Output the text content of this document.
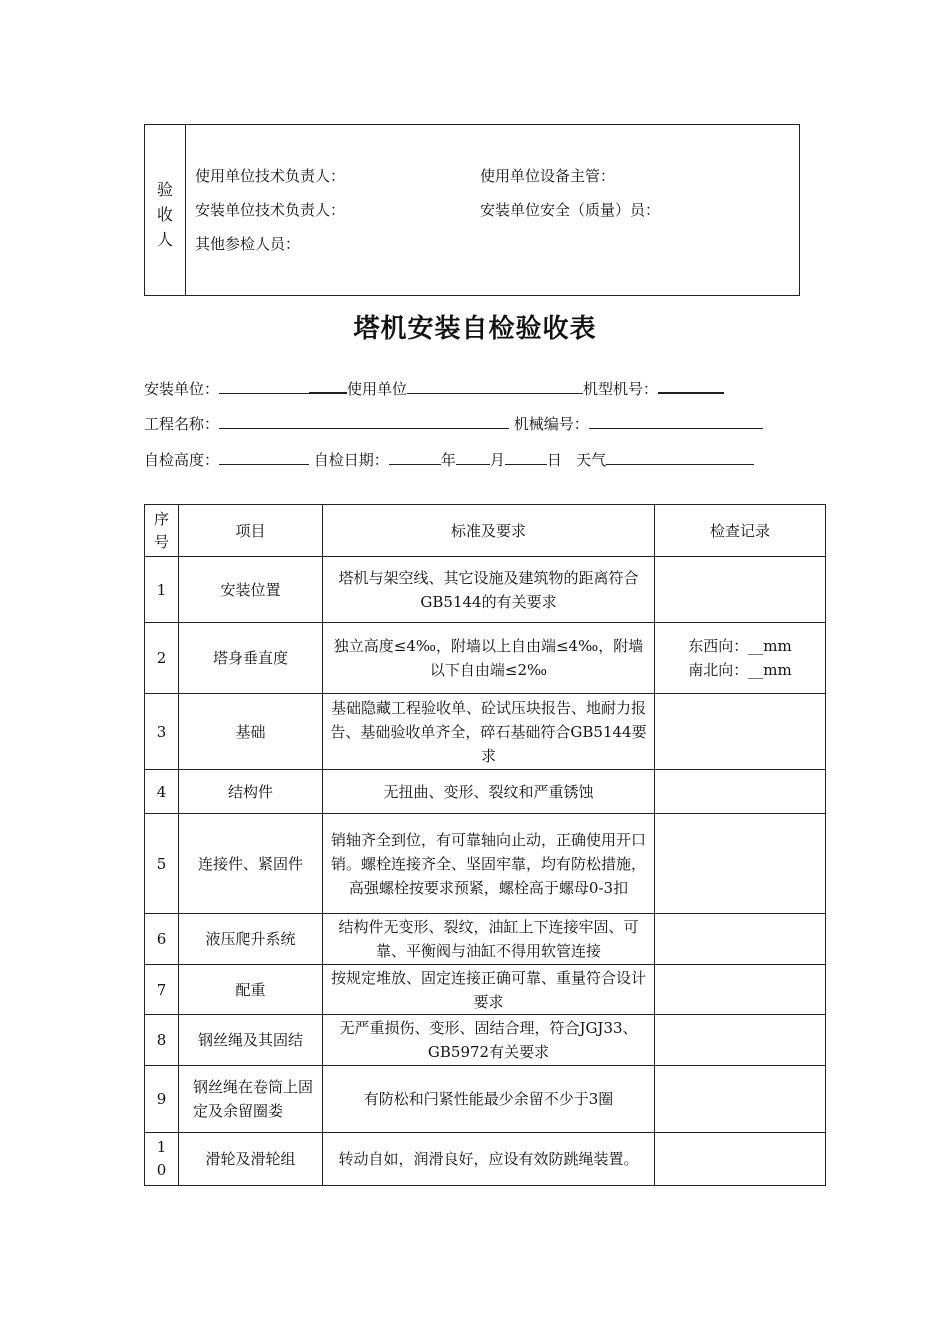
验
收
人
使用单位技术负责人：	使用单位设备主管：
安装单位技术负责人：	安装单位安全（质量）员：
其他参检人员：
塔机安装自检验收表
安装单位：	使用单位	机型机号：
工程名称：	机械编号：
自检高度：	自检日期：	年 月	日 天气
序号	项目	标准及要求	检查记录
1	安装位置	塔机与架空线、其它设施及建筑物的距离符合GB5144的有关要求	
2	塔身垂直度	独立高度≤4‰，附墙以上自由端≤4‰，附墙以下自由端≤2‰	东西向：__mm
南北向：__mm

3	基础	基础隐藏工程验收单、砼试压块报告、地耐力报告、基础验收单齐全，碎石基础符合GB5144要求	
4	结构件	无扭曲、变形、裂纹和严重锈蚀	
5	连接件、紧固件	销轴齐全到位，有可靠轴向止动，正确使用开口销。螺栓连接齐全、坚固牢靠，均有防松措施，高强螺栓按要求预紧，螺栓高于螺母0-3扣	
6	液压爬升系统	结构件无变形、裂纹，油缸上下连接牢固、可靠、平衡阀与油缸不得用软管连接	
7	配重	按规定堆放、固定连接正确可靠、重量符合设计要求	
8	钢丝绳及其固结	无严重损伤、变形、固结合理，符合JGJ33、GB5972有关要求	
9	钢丝绳在卷筒上固定及余留圈娄	有防松和闩紧性能最少余留不少于3圈	
10	滑轮及滑轮组	转动自如，润滑良好，应设有效防跳绳装置。	
